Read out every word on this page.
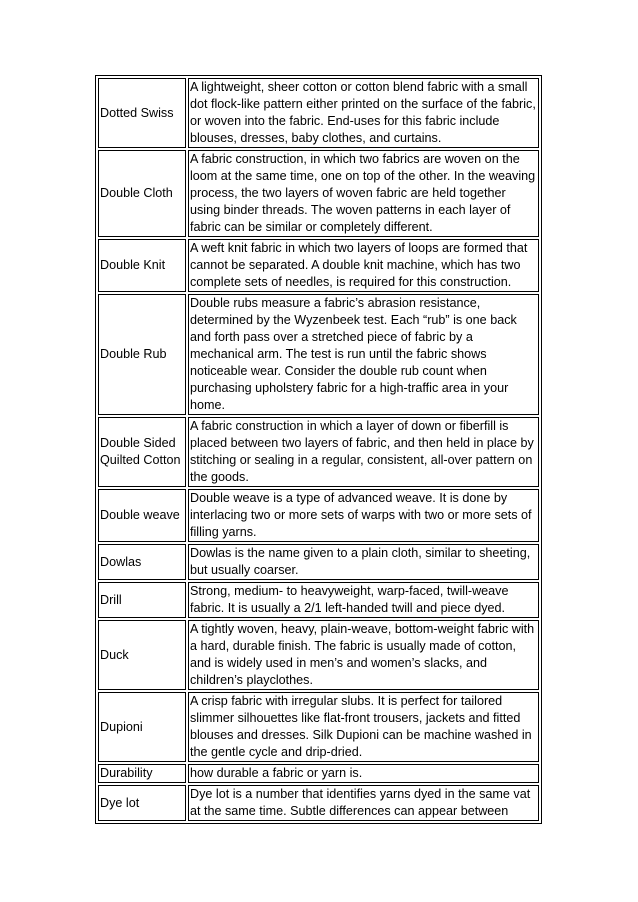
Dotted Swiss	A lightweight, sheer cotton or cotton blend fabric with a small dot flock-like pattern either printed on the surface of the fabric, or woven into the fabric. End-uses for this fabric include blouses, dresses, baby clothes, and curtains.
Double Cloth	A fabric construction, in which two fabrics are woven on the loom at the same time, one on top of the other. In the weaving process, the two layers of woven fabric are held together using binder threads. The woven patterns in each layer of fabric can be similar or completely different.
Double Knit	A weft knit fabric in which two layers of loops are formed that cannot be separated. A double knit machine, which has two complete sets of needles, is required for this construction.
Double Rub	Double rubs measure a fabric’s abrasion resistance, determined by the Wyzenbeek test. Each “rub” is one back and forth pass over a stretched piece of fabric by a mechanical arm. The test is run until the fabric shows noticeable wear. Consider the double rub count when purchasing upholstery fabric for a high-traffic area in your home.
Double Sided Quilted Cotton	A fabric construction in which a layer of down or fiberfill is placed between two layers of fabric, and then held in place by stitching or sealing in a regular, consistent, all-over pattern on the goods.
Double weave	Double weave is a type of advanced weave. It is done by interlacing two or more sets of warps with two or more sets of filling yarns.
Dowlas	Dowlas is the name given to a plain cloth, similar to sheeting, but usually coarser.
Drill	Strong, medium- to heavyweight, warp-faced, twill-weave fabric. It is usually a 2/1 left-handed twill and piece dyed.
Duck	A tightly woven, heavy, plain-weave, bottom-weight fabric with a hard, durable finish. The fabric is usually made of cotton, and is widely used in men’s and women’s slacks, and children’s playclothes.
Dupioni	A crisp fabric with irregular slubs. It is perfect for tailored slimmer silhouettes like flat-front trousers, jackets and fitted blouses and dresses. Silk Dupioni can be machine washed in the gentle cycle and drip-dried.
Durability	how durable a fabric or yarn is.
Dye lot	Dye lot is a number that identifies yarns dyed in the same vat at the same time. Subtle differences can appear between
